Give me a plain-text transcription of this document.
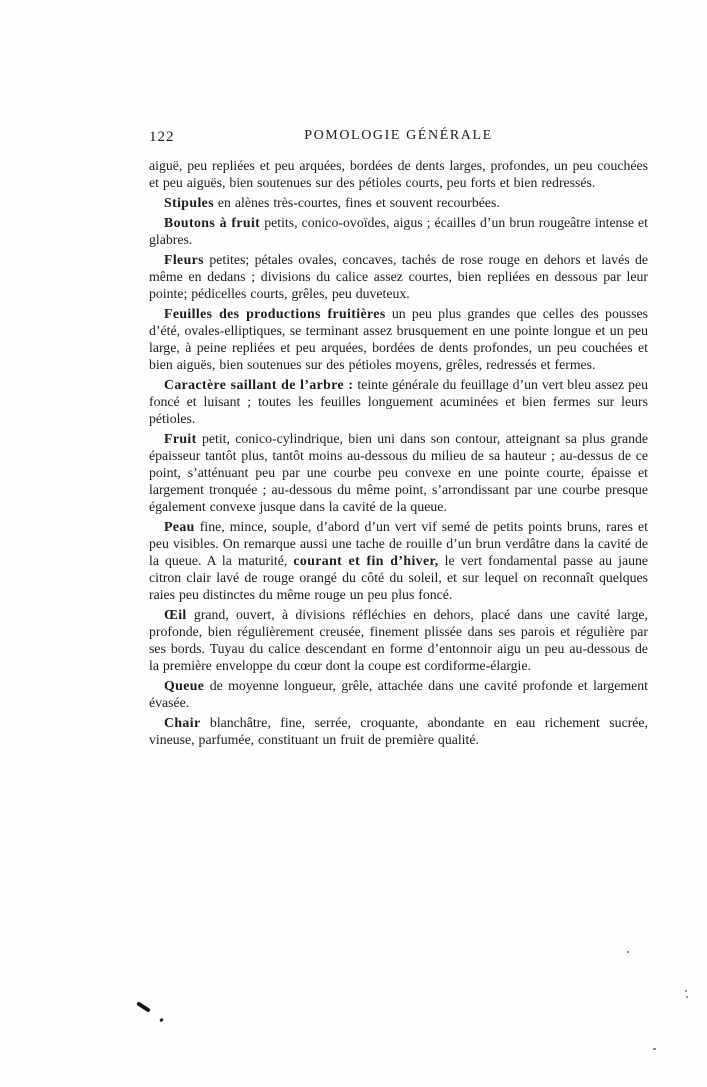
122	POMOLOGIE GÉNÉRALE

aiguë, peu repliées et peu arquées, bordées de dents larges, profondes, un peu couchées et peu aiguës, bien soutenues sur des pétioles courts, peu forts et bien redressés.

Stipules en alènes très-courtes, fines et souvent recourbées.

Boutons à fruit petits, conico-ovoïdes, aigus ; écailles d’un brun rougeâtre intense et glabres.

Fleurs petites; pétales ovales, concaves, tachés de rose rouge en dehors et lavés de même en dedans ; divisions du calice assez courtes, bien repliées en dessous par leur pointe; pédicelles courts, grêles, peu duveteux.

Feuilles des productions fruitières un peu plus grandes que celles des pousses d’été, ovales-elliptiques, se terminant assez brusquement en une pointe longue et un peu large, à peine repliées et peu arquées, bordées de dents profondes, un peu couchées et bien aiguës, bien soutenues sur des pétioles moyens, grêles, redressés et fermes.

Caractère saillant de l’arbre : teinte générale du feuillage d’un vert bleu assez peu foncé et luisant ; toutes les feuilles longuement acuminées et bien fermes sur leurs pétioles.

Fruit petit, conico-cylindrique, bien uni dans son contour, atteignant sa plus grande épaisseur tantôt plus, tantôt moins au-dessous du milieu de sa hauteur ; au-dessus de ce point, s’atténuant peu par une courbe peu convexe en une pointe courte, épaisse et largement tronquée ; au-dessous du même point, s’arrondissant par une courbe presque également convexe jusque dans la cavité de la queue.

Peau fine, mince, souple, d’abord d’un vert vif semé de petits points bruns, rares et peu visibles. On remarque aussi une tache de rouille d’un brun verdâtre dans la cavité de la queue. A la maturité, courant et fin d’hiver, le vert fondamental passe au jaune citron clair lavé de rouge orangé du côté du soleil, et sur lequel on reconnaît quelques raies peu distinctes du même rouge un peu plus foncé.

Œil grand, ouvert, à divisions réfléchies en dehors, placé dans une cavité large, profonde, bien régulièrement creusée, finement plissée dans ses parois et régulière par ses bords. Tuyau du calice descendant en forme d’entonnoir aigu un peu au-dessous de la première enveloppe du cœur dont la coupe est cordiforme-élargie.

Queue de moyenne longueur, grêle, attachée dans une cavité profonde et largement évasée.

Chair blanchâtre, fine, serrée, croquante, abondante en eau richement sucrée, vineuse, parfumée, constituant un fruit de première qualité.
